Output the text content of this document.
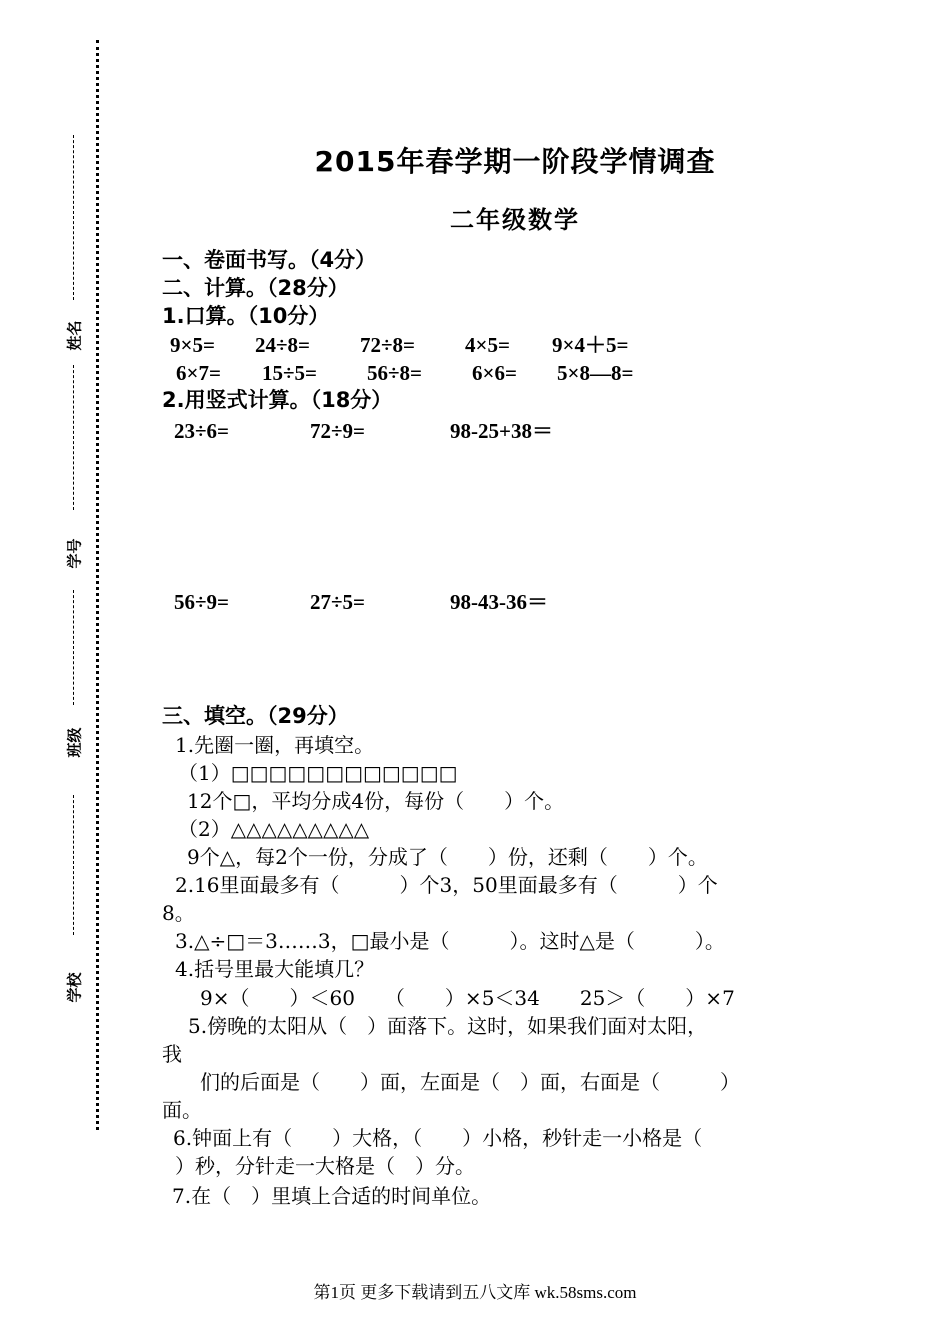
姓名
学号
班级
学校
2015年春学期一阶段学情调查
二年级数学
一、卷面书写。（4分）
二、计算。（28分）
1.口算。（10分）
9×5= 24÷8= 72÷8= 4×5= 9×4＋5=
6×7= 15÷5= 56÷8= 6×6= 5×8—8=
2.用竖式计算。（18分）
23÷6=	72÷9=	98-25+38＝
56÷9=	27÷5=	98-43-36＝
三、填空。（29分）
1.先圈一圈，再填空。
（1）□□□□□□□□□□□□
12个□，平均分成4份，每份（　　）个。
（2）△△△△△△△△△
9个△，每2个一份，分成了（　　）份，还剩（　　）个。
2.16里面最多有（　　　）个3，50里面最多有（　　　）个
8。
3.△÷□＝3……3，□最小是（　　　）。这时△是（　　　）。
4.括号里最大能填几？
9×（　　）＜60　　（　　）×5＜34　　25＞（　　）×7
5.傍晚的太阳从（　）面落下。这时，如果我们面对太阳，
我
们的后面是（　　）面，左面是（　）面，右面是（　　　）
面。
6.钟面上有（　　）大格，（　　）小格，秒针走一小格是（
）秒，分针走一大格是（　）分。
7.在（　）里填上合适的时间单位。
第1页 更多下载请到五八文库 wk.58sms.com
